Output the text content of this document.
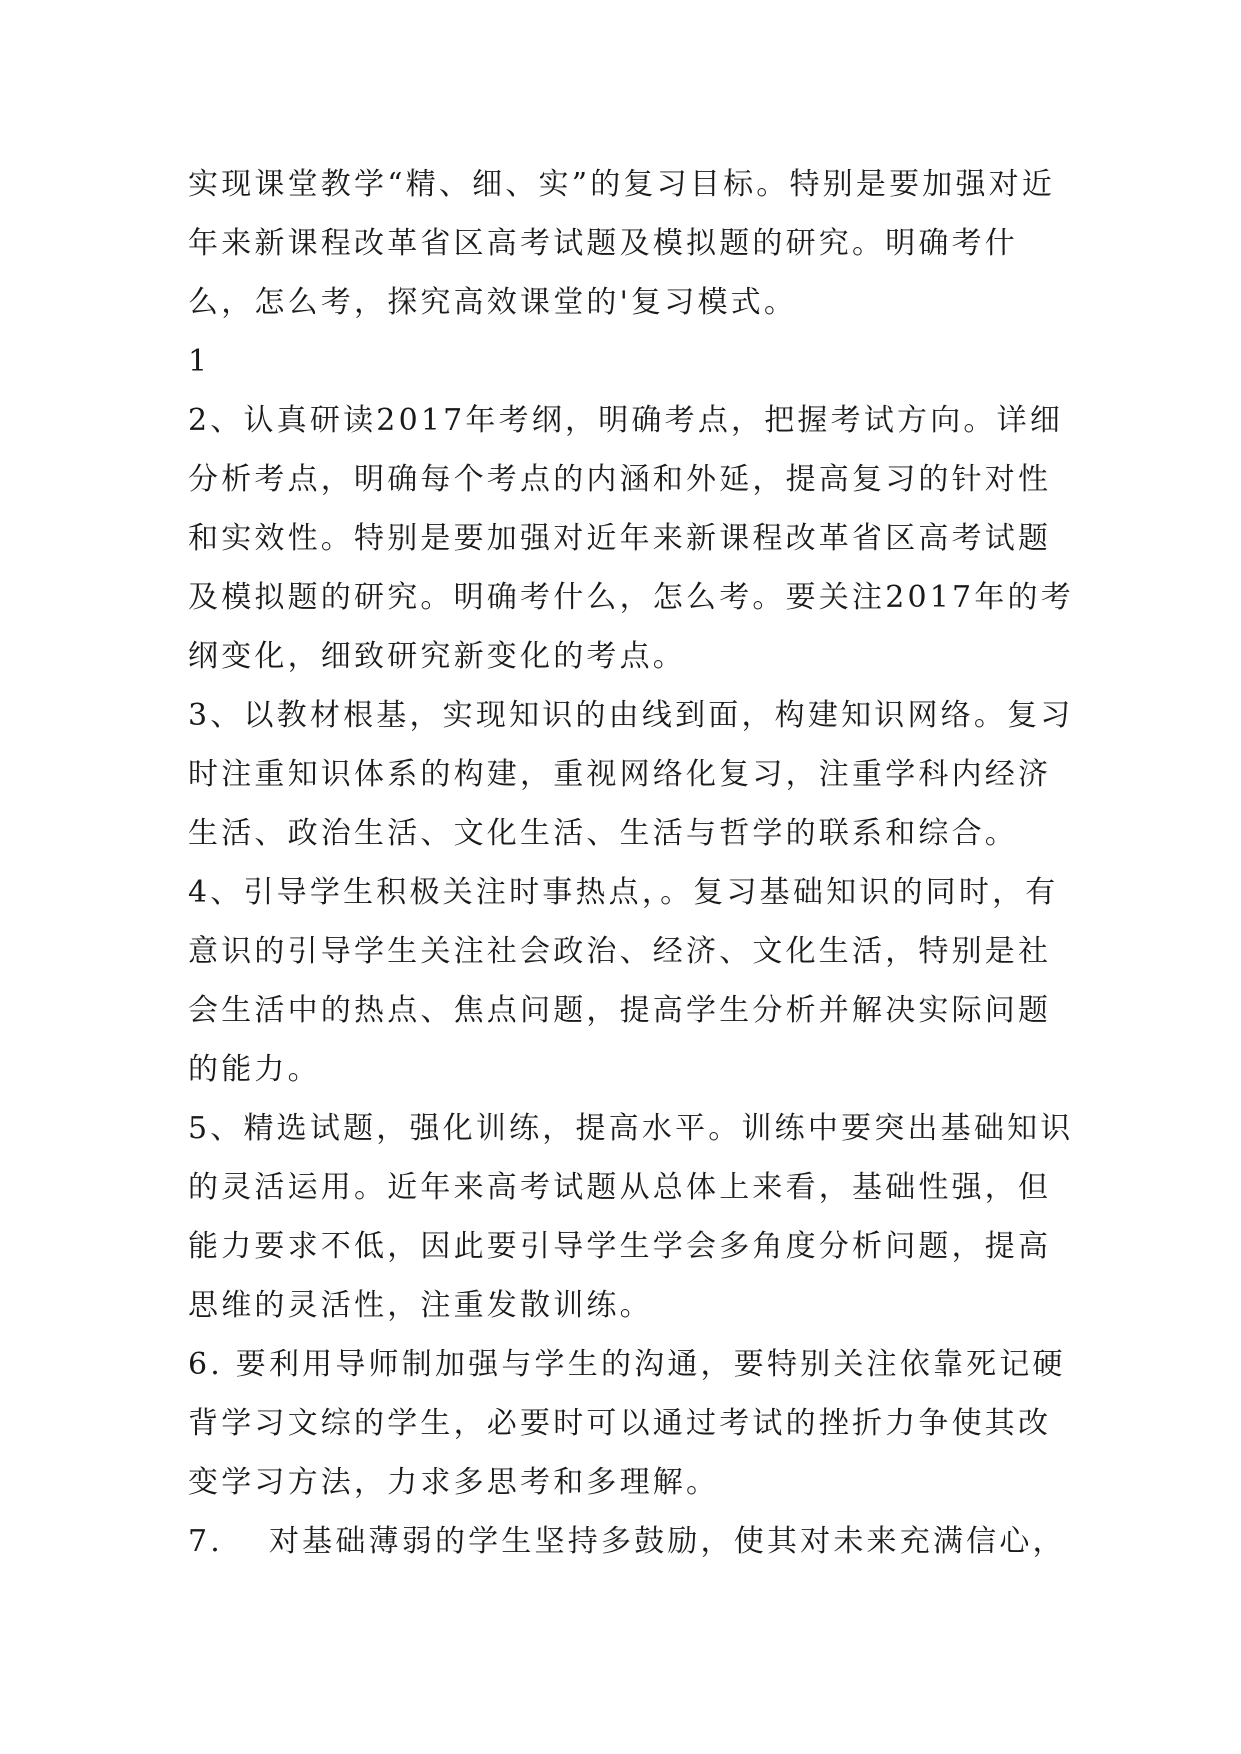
实现课堂教学“精、细、实”的复习目标。特别是要加强对近年来新课程改革省区高考试题及模拟题的研究。明确考什么，怎么考，探究高效课堂的'复习模式。

1

2、认真研读2017年考纲，明确考点，把握考试方向。详细分析考点，明确每个考点的内涵和外延，提高复习的针对性和实效性。特别是要加强对近年来新课程改革省区高考试题及模拟题的研究。明确考什么，怎么考。要关注2017年的考纲变化，细致研究新变化的考点。

3、以教材根基，实现知识的由线到面，构建知识网络。复习时注重知识体系的构建，重视网络化复习，注重学科内经济生活、政治生活、文化生活、生活与哲学的联系和综合。

4、引导学生积极关注时事热点，。复习基础知识的同时，有意识的引导学生关注社会政治、经济、文化生活，特别是社会生活中的热点、焦点问题，提高学生分析并解决实际问题的能力。

5、精选试题，强化训练，提高水平。训练中要突出基础知识的灵活运用。近年来高考试题从总体上来看，基础性强，但能力要求不低，因此要引导学生学会多角度分析问题，提高思维的灵活性，注重发散训练。

6. 要利用导师制加强与学生的沟通，要特别关注依靠死记硬背学习文综的学生，必要时可以通过考试的挫折力争使其改变学习方法，力求多思考和多理解。

7.　 对基础薄弱的学生坚持多鼓励，使其对未来充满信心，
